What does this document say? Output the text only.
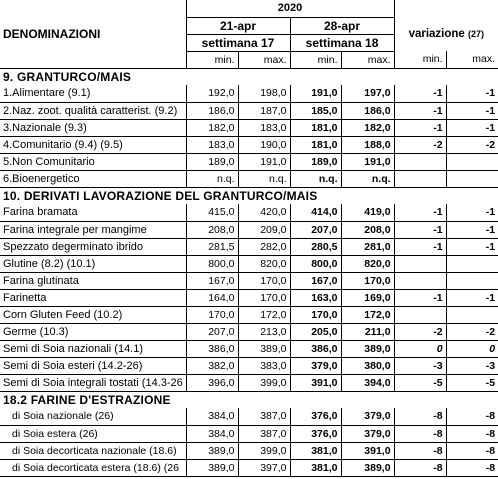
	2020					
DENOMINAZIONI	21-apr		28-apr		variazione (27)	
	settimana 17		settimana 18			
	min.	max.	min.	max.	min.	max.
9. GRANTURCO/MAIS						
1.Alimentare (9.1)	192,0	198,0	191,0	197,0	-1	-1
2.Naz. zoot. qualità caratterist. (9.2)	186,0	187,0	185,0	186,0	-1	-1
3.Nazionale (9.3)	182,0	183,0	181,0	182,0	-1	-1
4.Comunitario (9.4) (9.5)	183,0	190,0	181,0	188,0	-2	-2
5.Non Comunitario	189,0	191,0	189,0	191,0		
6.Bioenergetico	n.q.	n.q.	n.q.	n.q.		
10. DERIVATI LAVORAZIONE DEL GRANTURCO/MAIS						
Farina bramata	415,0	420,0	414,0	419,0	-1	-1
Farina integrale per mangime	208,0	209,0	207,0	208,0	-1	-1
Spezzato degerminato ibrido	281,5	282,0	280,5	281,0	-1	-1
Glutine (8.2) (10.1)	800,0	820,0	800,0	820,0		
Farina glutinata	167,0	170,0	167,0	170,0		
Farinetta	164,0	170,0	163,0	169,0	-1	-1
Corn Gluten Feed (10.2)	170,0	172,0	170,0	172,0		
Germe (10.3)	207,0	213,0	205,0	211,0	-2	-2
Semi di Soia nazionali (14.1)	386,0	389,0	386,0	389,0	0	0
Semi di Soia esteri (14.2-26)	382,0	383,0	379,0	380,0	-3	-3
Semi di Soia integrali tostati (14.3-26	396,0	399,0	391,0	394,0	-5	-5
18.2 FARINE D'ESTRAZIONE						
di Soia nazionale (26)	384,0	387,0	376,0	379,0	-8	-8
di Soia estera (26)	384,0	387,0	376,0	379,0	-8	-8
di Soia decorticata nazionale (18.6)	389,0	399,0	381,0	391,0	-8	-8
di Soia decorticata estera (18.6) (26	389,0	397,0	381,0	389,0	-8	-8
